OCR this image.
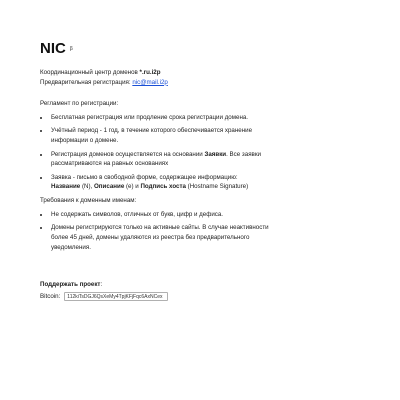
NIC $^\beta$

Координационный центр доменов *.ru.i2p

Предварительная регистрация: nic@mail.i2p

Регламент по регистрации:

• Бесплатная регистрация или продление срока регистрации домена.
• Учётный период - 1 год, в течение которого обеспечивается хранение информации о домене.
• Регистрация доменов осуществляется на основании Заявки. Все заявки рассматриваются на равных основаниях
• Заявка - письмо в свободной форме, содержащее информацию:
Название (N), Описание (e) и Подпись хоста (Hostname Signature)

Требования к доменным именам:

• Не содержать символов, отличных от букв, цифр и дефиса.
• Домены регистрируются только на активные сайты. В случае неактивности более 45 дней, домены удаляются из реестра без предварительного уведомления.
Поддержать проект:
Bitcoin:
112kiTsDGJ6QsXeMy4TpjKFjFqc6AxNCex
